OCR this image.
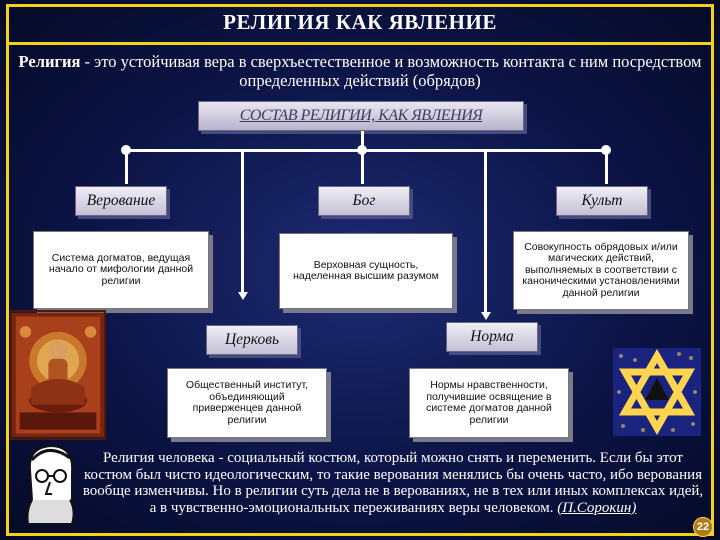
РЕЛИГИЯ КАК ЯВЛЕНИЕ
Религия - это устойчивая вера в сверхъестественное и возможность контакта с ним посредством определенных действий (обрядов)
СОСТАВ РЕЛИГИИ, КАК ЯВЛЕНИЯ
Верование	Бог	Культ
Церковь	Норма
Система догматов, ведущая начало от мифологии данной религии
Верховная сущность, наделенная высшим разумом
Совокупность обрядовых и/или магических действий, выполняемых в соответствии с каноническими установлениями данной религии
Общественный институт, объединяющий приверженцев данной религии
Нормы нравственности, получившие освящение в системе догматов данной религии
Религия человека - социальный костюм, который можно снять и переменить. Если бы этот костюм был чисто идеологическим, то такие верования менялись бы очень часто, ибо верования вообще изменчивы. Но в религии суть дела не в верованиях, не в тех или иных комплексах идей, а в чувственно-эмоциональных переживаниях веры человеком. (П.Сорокин)
22
